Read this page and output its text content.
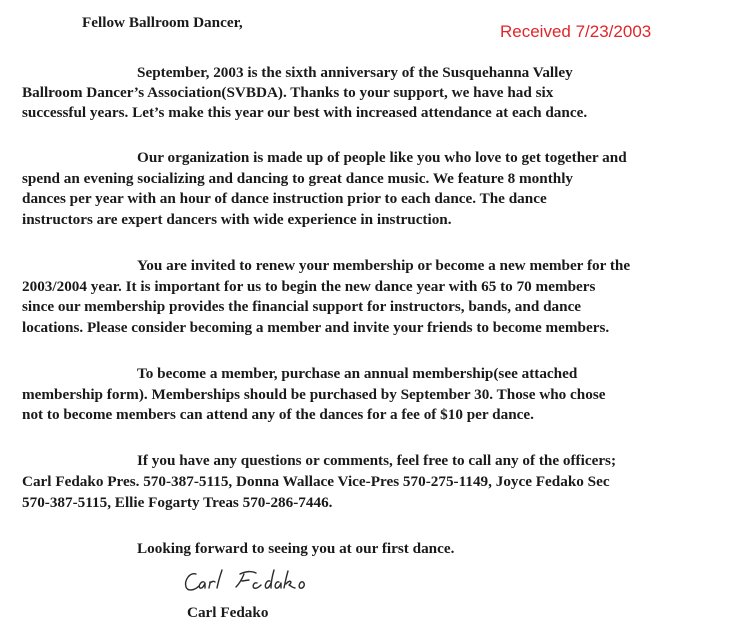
Fellow Ballroom Dancer,	Received 7/23/2003
September, 2003 is the sixth anniversary of the Susquehanna Valley
Ballroom Dancer’s Association(SVBDA). Thanks to your support, we have had six
successful years. Let’s make this year our best with increased attendance at each dance.
Our organization is made up of people like you who love to get together and
spend an evening socializing and dancing to great dance music. We feature 8 monthly
dances per year with an hour of dance instruction prior to each dance. The dance
instructors are expert dancers with wide experience in instruction.
You are invited to renew your membership or become a new member for the
2003/2004 year. It is important for us to begin the new dance year with 65 to 70 members
since our membership provides the financial support for instructors, bands, and dance
locations. Please consider becoming a member and invite your friends to become members.
To become a member, purchase an annual membership(see attached
membership form). Memberships should be purchased by September 30. Those who chose
not to become members can attend any of the dances for a fee of $10 per dance.
If you have any questions or comments, feel free to call any of the officers;
Carl Fedako Pres. 570-387-5115, Donna Wallace Vice-Pres 570-275-1149, Joyce Fedako Sec
570-387-5115, Ellie Fogarty Treas 570-286-7446.
Looking forward to seeing you at our first dance.
Carl Fedako
